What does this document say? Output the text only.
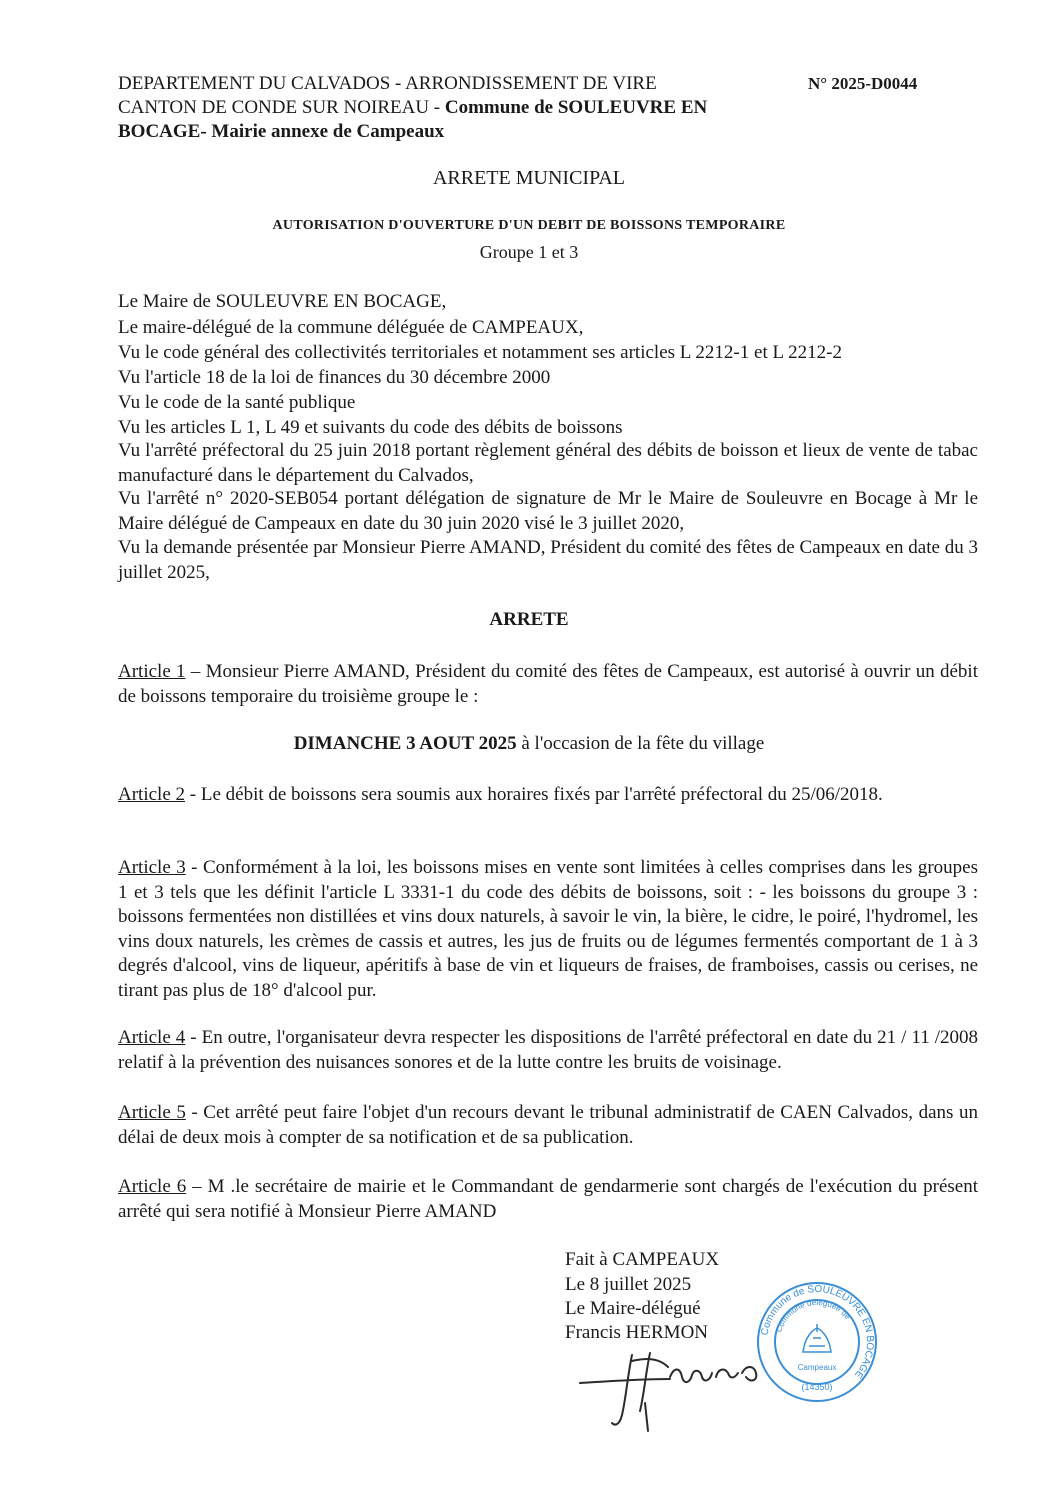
DEPARTEMENT DU CALVADOS - ARRONDISSEMENT DE VIRE
CANTON DE CONDE SUR NOIREAU - Commune de SOULEUVRE EN
BOCAGE- Mairie annexe de Campeaux
N° 2025-D0044
ARRETE MUNICIPAL
AUTORISATION D'OUVERTURE D'UN DEBIT DE BOISSONS TEMPORAIRE
Groupe 1 et 3
Le Maire de SOULEUVRE EN BOCAGE,
Le maire-délégué de la commune déléguée de CAMPEAUX,
Vu le code général des collectivités territoriales et notamment ses articles L 2212-1 et L 2212-2
Vu l'article 18 de la loi de finances du 30 décembre 2000
Vu le code de la santé publique
Vu les articles L 1, L 49 et suivants du code des débits de boissons
Vu l'arrêté préfectoral du 25 juin 2018 portant règlement général des débits de boisson et lieux de vente de tabac manufacturé dans le département du Calvados,
Vu l'arrêté n° 2020-SEB054 portant délégation de signature de Mr le Maire de Souleuvre en Bocage à Mr le Maire délégué de Campeaux en date du 30 juin 2020 visé le 3 juillet 2020,
Vu la demande présentée par Monsieur Pierre AMAND, Président du comité des fêtes de Campeaux en date du 3 juillet 2025,
ARRETE
Article 1 – Monsieur Pierre AMAND, Président du comité des fêtes de Campeaux, est autorisé à ouvrir un débit de boissons temporaire du troisième groupe le :
DIMANCHE 3 AOUT 2025 à l'occasion de la fête du village
Article 2 - Le débit de boissons sera soumis aux horaires fixés par l'arrêté préfectoral du 25/06/2018.
Article 3 - Conformément à la loi, les boissons mises en vente sont limitées à celles comprises dans les groupes 1 et 3 tels que les définit l'article L 3331-1 du code des débits de boissons, soit : - les boissons du groupe 3 : boissons fermentées non distillées et vins doux naturels, à savoir le vin, la bière, le cidre, le poiré, l'hydromel, les vins doux naturels, les crèmes de cassis et autres, les jus de fruits ou de légumes fermentés comportant de 1 à 3 degrés d'alcool, vins de liqueur, apéritifs à base de vin et liqueurs de fraises, de framboises, cassis ou cerises, ne tirant pas plus de 18° d'alcool pur.
Article 4 - En outre, l'organisateur devra respecter les dispositions de l'arrêté préfectoral en date du 21 / 11 /2008 relatif à la prévention des nuisances sonores et de la lutte contre les bruits de voisinage.
Article 5 - Cet arrêté peut faire l'objet d'un recours devant le tribunal administratif de CAEN Calvados, dans un délai de deux mois à compter de sa notification et de sa publication.
Article 6 – M .le secrétaire de mairie et le Commandant de gendarmerie sont chargés de l'exécution du présent arrêté qui sera notifié à Monsieur Pierre AMAND
Fait à CAMPEAUX
Le 8 juillet 2025
Le Maire-délégué
Francis HERMON	Commune de SOULEUVRE EN BOCAGE
Commune déléguée de
Campeaux
(14350)
